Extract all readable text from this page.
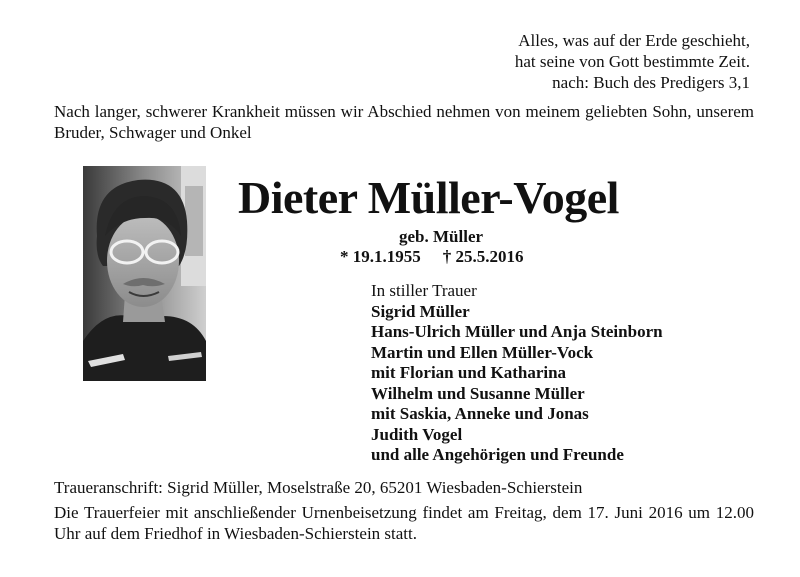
Alles, was auf der Erde geschieht,
hat seine von Gott bestimmte Zeit.
nach: Buch des Predigers 3,1
Nach langer, schwerer Krankheit müssen wir Abschied nehmen von meinem geliebten Sohn, unserem Bruder, Schwager und Onkel
Dieter Müller-Vogel
geb. Müller
* 19.1.1955 † 25.5.2016
In stiller Trauer
Sigrid Müller
Hans-Ulrich Müller und Anja Steinborn
Martin und Ellen Müller-Vock
mit Florian und Katharina
Wilhelm und Susanne Müller
mit Saskia, Anneke und Jonas
Judith Vogel
und alle Angehörigen und Freunde
Traueranschrift: Sigrid Müller, Moselstraße 20, 65201 Wiesbaden-Schierstein
Die Trauerfeier mit anschließender Urnenbeisetzung findet am Freitag, dem 17. Juni 2016 um 12.00 Uhr auf dem Friedhof in Wiesbaden-Schierstein statt.
